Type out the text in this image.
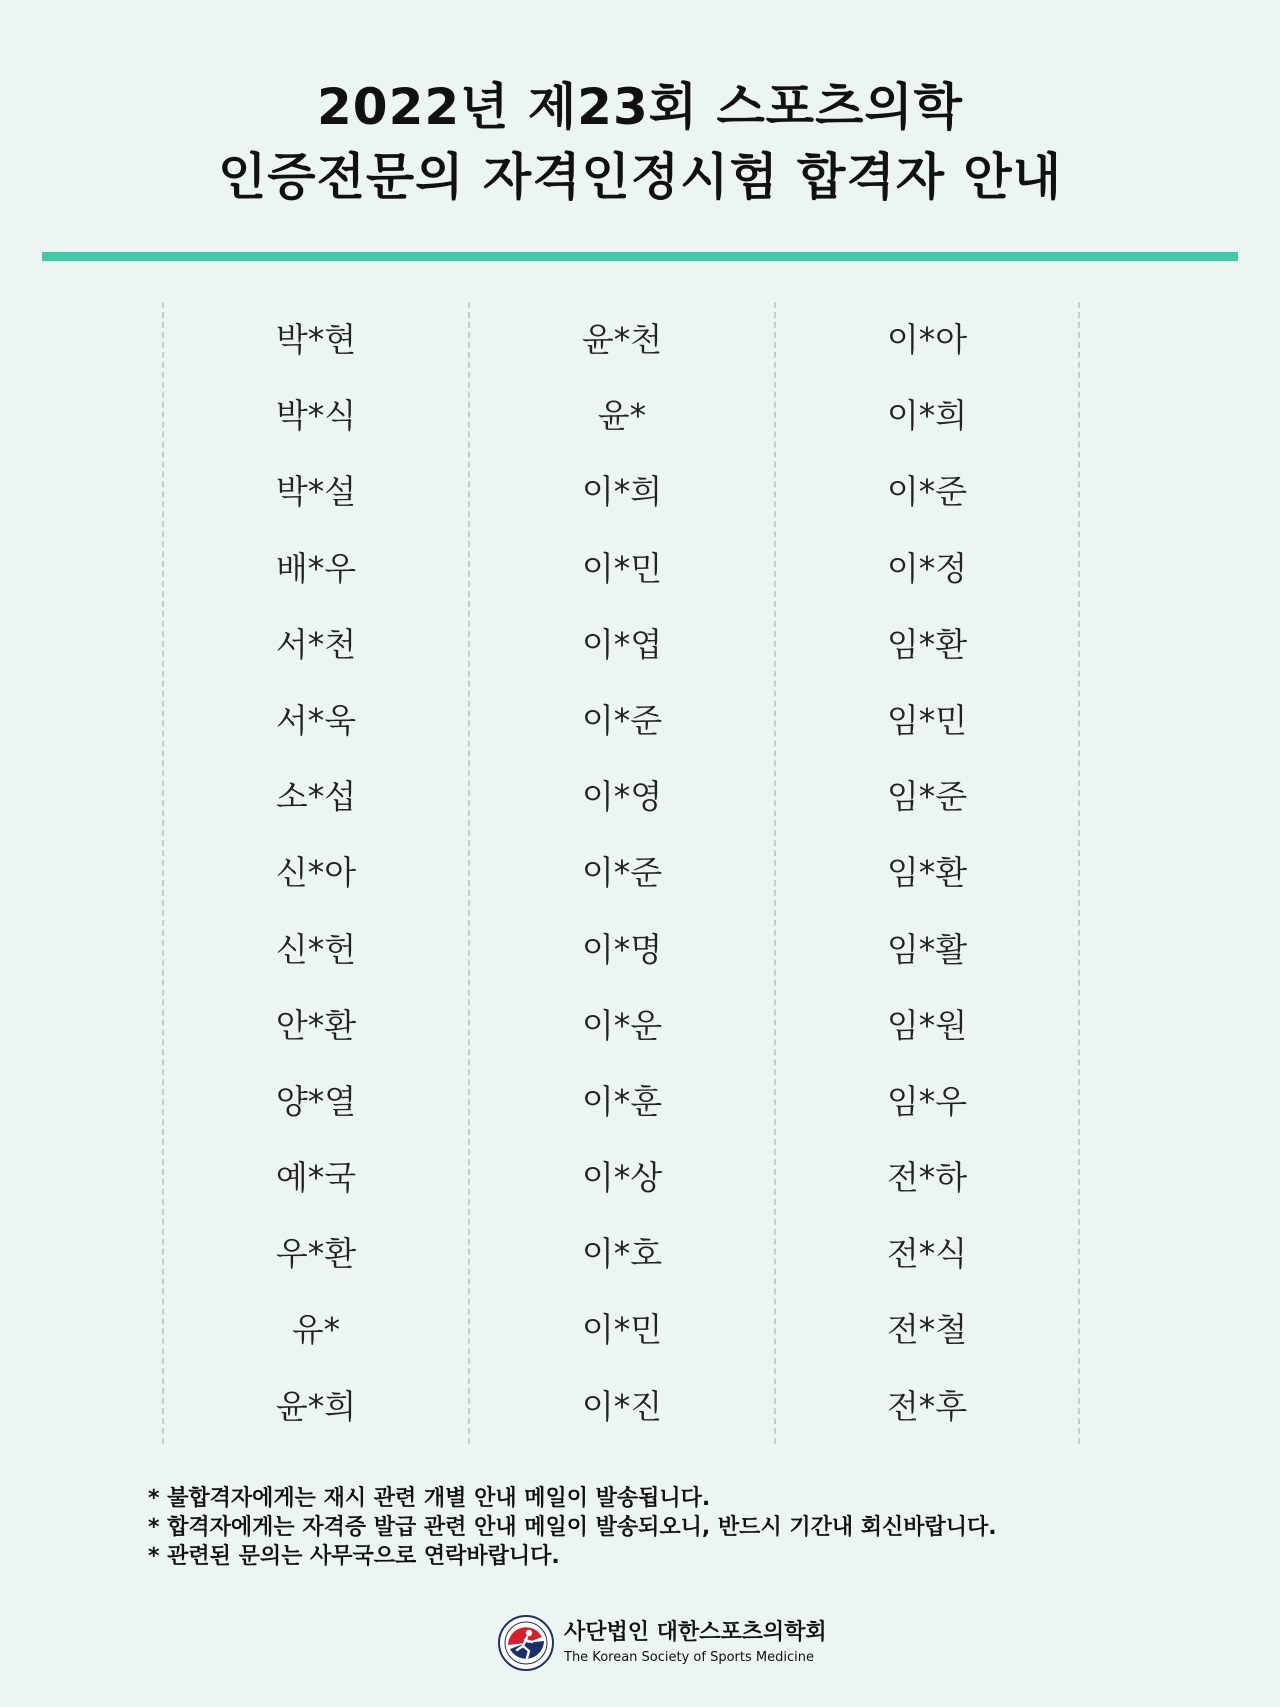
2022년 제23회 스포츠의학
인증전문의 자격인정시험 합격자 안내
박*현
박*식
박*설
배*우
서*천
서*욱
소*섭
신*아
신*헌
안*환
양*열
예*국
우*환
유*
윤*희
윤*천
윤*
이*희
이*민
이*엽
이*준
이*영
이*준
이*명
이*운
이*훈
이*상
이*호
이*민
이*진
이*아
이*희
이*준
이*정
임*환
임*민
임*준
임*환
임*활
임*원
임*우
전*하
전*식
전*철
전*후
* 불합격자에게는 재시 관련 개별 안내 메일이 발송됩니다.
* 합격자에게는 자격증 발급 관련 안내 메일이 발송되오니, 반드시 기간내 회신바랍니다.
* 관련된 문의는 사무국으로 연락바랍니다.
사단법인 대한스포츠의학회
The Korean Society of Sports Medicine
